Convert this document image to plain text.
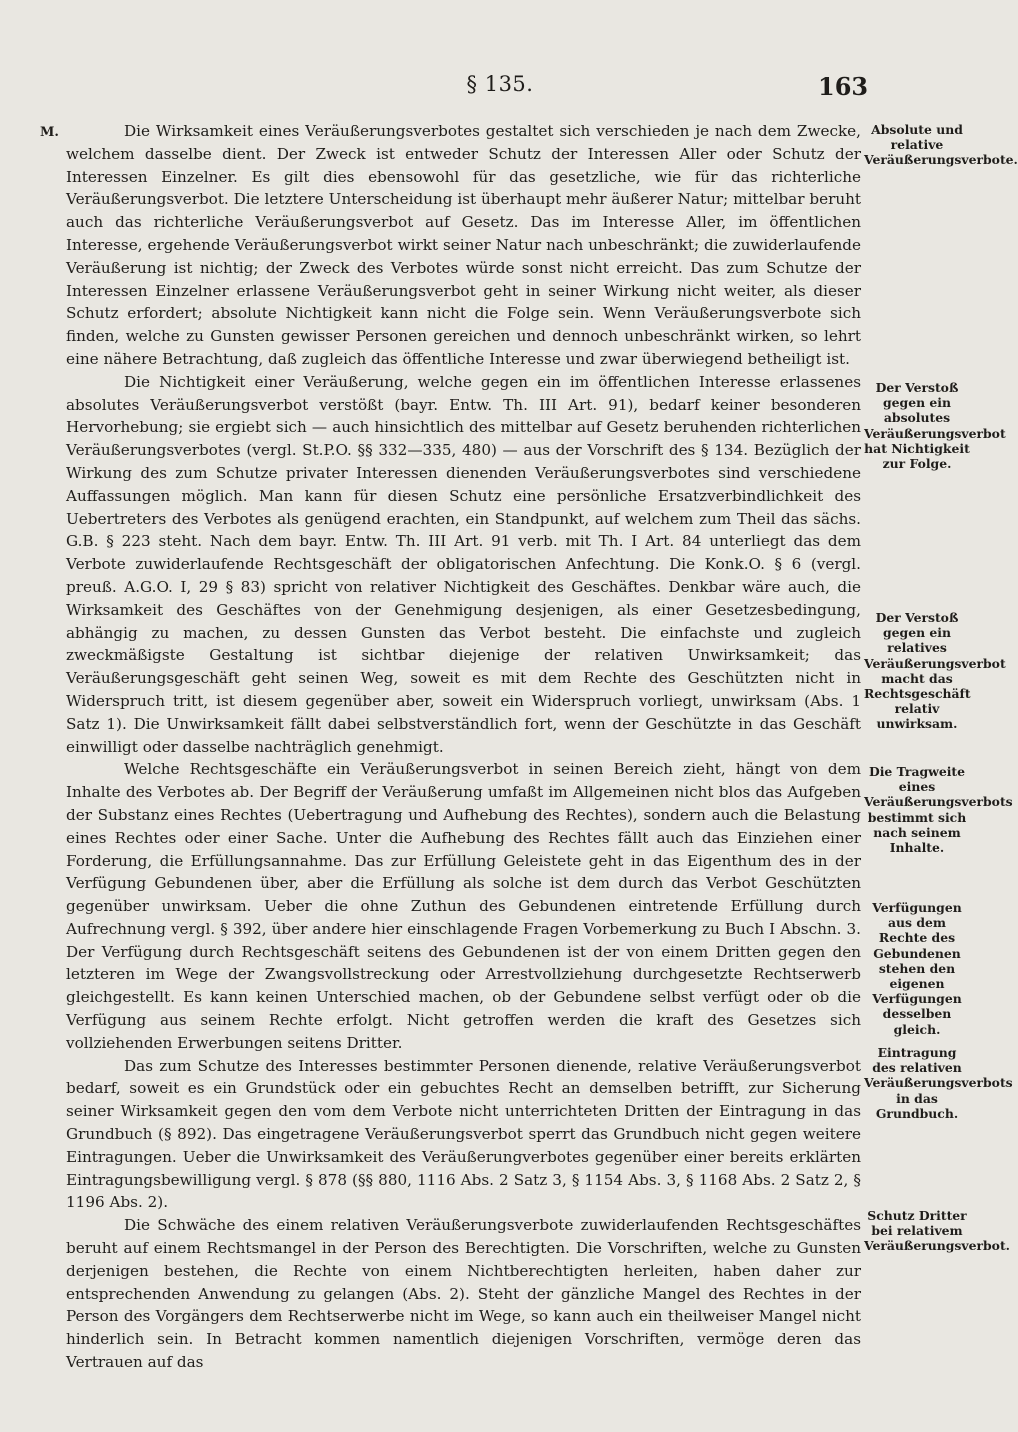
§ 135.	163
M.	Die Wirksamkeit eines Veräußerungsverbotes gestaltet sich verschieden je nach dem Zwecke, welchem dasselbe dient. Der Zweck ist entweder Schutz der Interessen Aller oder Schutz der Interessen Einzelner. Es gilt dies ebensowohl für das gesetzliche, wie für das richterliche Veräußerungsverbot. Die letztere Unterscheidung ist überhaupt mehr äußerer Natur; mittelbar beruht auch das richterliche Veräußerungsverbot auf Gesetz. Das im Interesse Aller, im öffentlichen Interesse, ergehende Veräußerungsverbot wirkt seiner Natur nach unbeschränkt; die zuwiderlaufende Veräußerung ist nichtig; der Zweck des Verbotes würde sonst nicht erreicht. Das zum Schutze der Interessen Einzelner erlassene Veräußerungsverbot geht in seiner Wirkung nicht weiter, als dieser Schutz erfordert; absolute Nichtigkeit kann nicht die Folge sein. Wenn Veräußerungsverbote sich finden, welche zu Gunsten gewisser Personen gereichen und dennoch unbeschränkt wirken, so lehrt eine nähere Betrachtung, daß zugleich das öffentliche Interesse und zwar überwiegend betheiligt ist.

Die Nichtigkeit einer Veräußerung, welche gegen ein im öffentlichen Interesse erlassenes absolutes Veräußerungsverbot verstößt (bayr. Entw. Th. III Art. 91), bedarf keiner besonderen Hervorhebung; sie ergiebt sich — auch hinsichtlich des mittelbar auf Gesetz beruhenden richterlichen Veräußerungsverbotes (vergl. St.P.O. §§ 332—335, 480) — aus der Vorschrift des § 134. Bezüglich der Wirkung des zum Schutze privater Interessen dienenden Veräußerungsverbotes sind verschiedene Auffassungen möglich. Man kann für diesen Schutz eine persönliche Ersatzverbindlichkeit des Uebertreters des Verbotes als genügend erachten, ein Standpunkt, auf welchem zum Theil das sächs. G.B. § 223 steht. Nach dem bayr. Entw. Th. III Art. 91 verb. mit Th. I Art. 84 unterliegt das dem Verbote zuwiderlaufende Rechtsgeschäft der obligatorischen Anfechtung. Die Konk.O. § 6 (vergl. preuß. A.G.O. I, 29 § 83) spricht von relativer Nichtigkeit des Geschäftes. Denkbar wäre auch, die Wirksamkeit des Geschäftes von der Genehmigung desjenigen, als einer Gesetzesbedingung, abhängig zu machen, zu dessen Gunsten das Verbot besteht. Die einfachste und zugleich zweckmäßigste Gestaltung ist sichtbar diejenige der relativen Unwirksamkeit; das Veräußerungsgeschäft geht seinen Weg, soweit es mit dem Rechte des Geschützten nicht in Widerspruch tritt, ist diesem gegenüber aber, soweit ein Widerspruch vorliegt, unwirksam (Abs. 1 Satz 1). Die Unwirksamkeit fällt dabei selbstverständlich fort, wenn der Geschützte in das Geschäft einwilligt oder dasselbe nachträglich genehmigt.

Welche Rechtsgeschäfte ein Veräußerungsverbot in seinen Bereich zieht, hängt von dem Inhalte des Verbotes ab. Der Begriff der Veräußerung umfaßt im Allgemeinen nicht blos das Aufgeben der Substanz eines Rechtes (Uebertragung und Aufhebung des Rechtes), sondern auch die Belastung eines Rechtes oder einer Sache. Unter die Aufhebung des Rechtes fällt auch das Einziehen einer Forderung, die Erfüllungsannahme. Das zur Erfüllung Geleistete geht in das Eigenthum des in der Verfügung Gebundenen über, aber die Erfüllung als solche ist dem durch das Verbot Geschützten gegenüber unwirksam. Ueber die ohne Zuthun des Gebundenen eintretende Erfüllung durch Aufrechnung vergl. § 392, über andere hier einschlagende Fragen Vorbemerkung zu Buch I Abschn. 3. Der Verfügung durch Rechtsgeschäft seitens des Gebundenen ist der von einem Dritten gegen den letzteren im Wege der Zwangsvollstreckung oder Arrestvollziehung durchgesetzte Rechtserwerb gleichgestellt. Es kann keinen Unterschied machen, ob der Gebundene selbst verfügt oder ob die Verfügung aus seinem Rechte erfolgt. Nicht getroffen werden die kraft des Gesetzes sich vollziehenden Erwerbungen seitens Dritter.

Das zum Schutze des Interesses bestimmter Personen dienende, relative Veräußerungsverbot bedarf, soweit es ein Grundstück oder ein gebuchtes Recht an demselben betrifft, zur Sicherung seiner Wirksamkeit gegen den vom dem Verbote nicht unterrichteten Dritten der Eintragung in das Grundbuch (§ 892). Das eingetragene Veräußerungsverbot sperrt das Grundbuch nicht gegen weitere Eintragungen. Ueber die Unwirksamkeit des Veräußerungverbotes gegenüber einer bereits erklärten Eintragungsbewilligung vergl. § 878 (§§ 880, 1116 Abs. 2 Satz 3, § 1154 Abs. 3, § 1168 Abs. 2 Satz 2, § 1196 Abs. 2).

Die Schwäche des einem relativen Veräußerungsverbote zuwiderlaufenden Rechtsgeschäftes beruht auf einem Rechtsmangel in der Person des Berechtigten. Die Vorschriften, welche zu Gunsten derjenigen bestehen, die Rechte von einem Nichtberechtigten herleiten, haben daher zur entsprechenden Anwendung zu gelangen (Abs. 2). Steht der gänzliche Mangel des Rechtes in der Person des Vorgängers dem Rechtserwerbe nicht im Wege, so kann auch ein theilweiser Mangel nicht hinderlich sein. In Betracht kommen namentlich diejenigen Vorschriften, vermöge deren das Vertrauen auf das

Absolute und relative Veräußerungsverbote.
Der Verstoß gegen ein absolutes Veräußerungsverbot hat Nichtigkeit zur Folge.
Der Verstoß gegen ein relatives Veräußerungsverbot macht das Rechtsgeschäft relativ unwirksam.
Die Tragweite eines Veräußerungsverbots bestimmt sich nach seinem Inhalte.
Verfügungen aus dem Rechte des Gebundenen stehen den eigenen Verfügungen desselben gleich.
Eintragung des relativen Veräußerungsverbots in das Grundbuch.
Schutz Dritter bei relativem Veräußerungsverbot.
